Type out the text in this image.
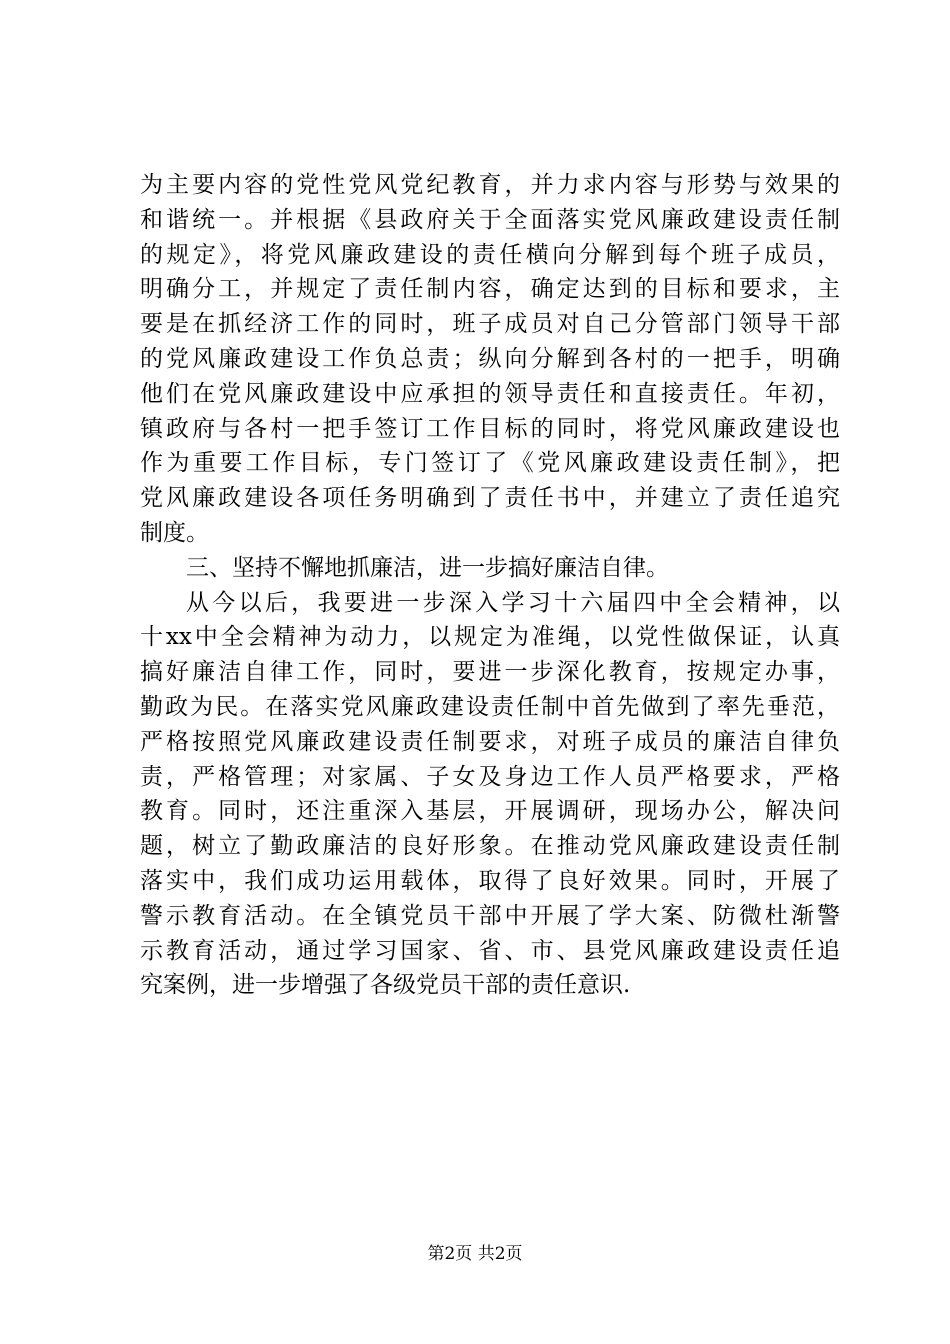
为主要内容的党性党风党纪教育，并力求内容与形势与效果的
和谐统一。并根据《县政府关于全面落实党风廉政建设责任制
的规定》，将党风廉政建设的责任横向分解到每个班子成员，
明确分工，并规定了责任制内容，确定达到的目标和要求，主
要是在抓经济工作的同时，班子成员对自己分管部门领导干部
的党风廉政建设工作负总责；纵向分解到各村的一把手，明确
他们在党风廉政建设中应承担的领导责任和直接责任。年初，
镇政府与各村一把手签订工作目标的同时，将党风廉政建设也
作为重要工作目标，专门签订了《党风廉政建设责任制》，把
党风廉政建设各项任务明确到了责任书中，并建立了责任追究
制度。
三、坚持不懈地抓廉洁，进一步搞好廉洁自律。
从今以后，我要进一步深入学习十六届四中全会精神，以
十xx中全会精神为动力，以规定为准绳，以党性做保证，认真
搞好廉洁自律工作，同时，要进一步深化教育，按规定办事，
勤政为民。在落实党风廉政建设责任制中首先做到了率先垂范，
严格按照党风廉政建设责任制要求，对班子成员的廉洁自律负
责，严格管理；对家属、子女及身边工作人员严格要求，严格
教育。同时，还注重深入基层，开展调研，现场办公，解决问
题，树立了勤政廉洁的良好形象。在推动党风廉政建设责任制
落实中，我们成功运用载体，取得了良好效果。同时，开展了
警示教育活动。在全镇党员干部中开展了学大案、防微杜渐警
示教育活动，通过学习国家、省、市、县党风廉政建设责任追
究案例，进一步增强了各级党员干部的责任意识.
第2页 共2页
